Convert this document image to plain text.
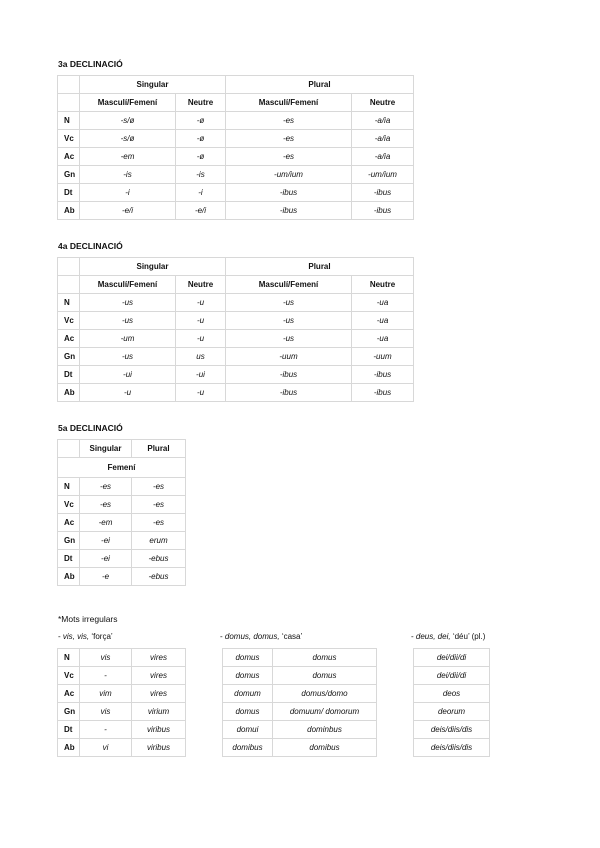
3a DECLINACIÓ
	Singular		Plural	
	Masculí/Femení	Neutre	Masculí/Femení	Neutre
N	-s/ø	-ø	-es	-a/ia
Vc	-s/ø	-ø	-es	-a/ia
Ac	-em	-ø	-es	-a/ia
Gn	-is	-is	-um/ium	-um/ium
Dt	-i	-i	-ibus	-ibus
Ab	-e/i	-e/i	-ibus	-ibus
4a DECLINACIÓ
	Singular		Plural	
	Masculí/Femení	Neutre	Masculí/Femení	Neutre
N	-us	-u	-us	-ua
Vc	-us	-u	-us	-ua
Ac	-um	-u	-us	-ua
Gn	-us	us	-uum	-uum
Dt	-ui	-ui	-ibus	-ibus
Ab	-u	-u	-ibus	-ibus
5a DECLINACIÓ
	Singular	Plural
Femení		
N	-es	-es
Vc	-es	-es
Ac	-em	-es
Gn	-ei	erum
Dt	-ei	-ebus
Ab	-e	-ebus
*Mots irregulars
- vis, vis, ‘força’	- domus, domus, ‘casa’	- deus, dei, ‘déu’ (pl.)
N	vis	vires
Vc	-	vires
Ac	vim	vires
Gn	vis	virium
Dt	-	viribus
Ab	vi	viribus
domus	domus
domus	domus
domum	domus/domo
domus	domuum/ domorum
domui	dominbus
domibus	domibus
dei/dii/di
dei/dii/di
deos
deorum
deis/diis/dis
deis/diis/dis
